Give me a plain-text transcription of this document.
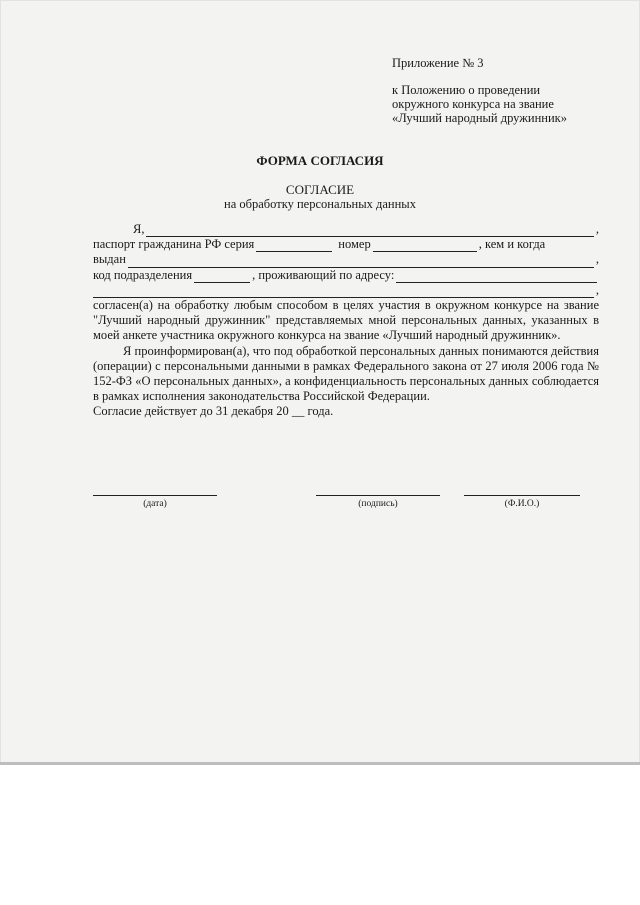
Приложение № 3
к Положению о проведении
окружного конкурса на звание
«Лучший народный дружинник»
ФОРМА СОГЛАСИЯ
СОГЛАСИЕ
на обработку персональных данных
Я,	,
паспорт гражданина РФ серия	номер	, кем и когда
выдан	,
код подразделения	, проживающий по адресу:
,
согласен(а) на обработку любым способом в целях участия в окружном конкурсе на звание "Лучший народный дружинник" представляемых мной персональных данных, указанных в моей анкете участника окружного конкурса на звание «Лучший народный дружинник».
Я проинформирован(а), что под обработкой персональных данных понимаются действия (операции) с персональными данными в рамках Федерального закона от 27 июля 2006 года № 152-ФЗ «О персональных данных», а конфиденциальность персональных данных соблюдается в рамках исполнения законодательства Российской Федерации.
Согласие действует до 31 декабря 20 __ года.
(дата)	(подпись)	(Ф.И.О.)
